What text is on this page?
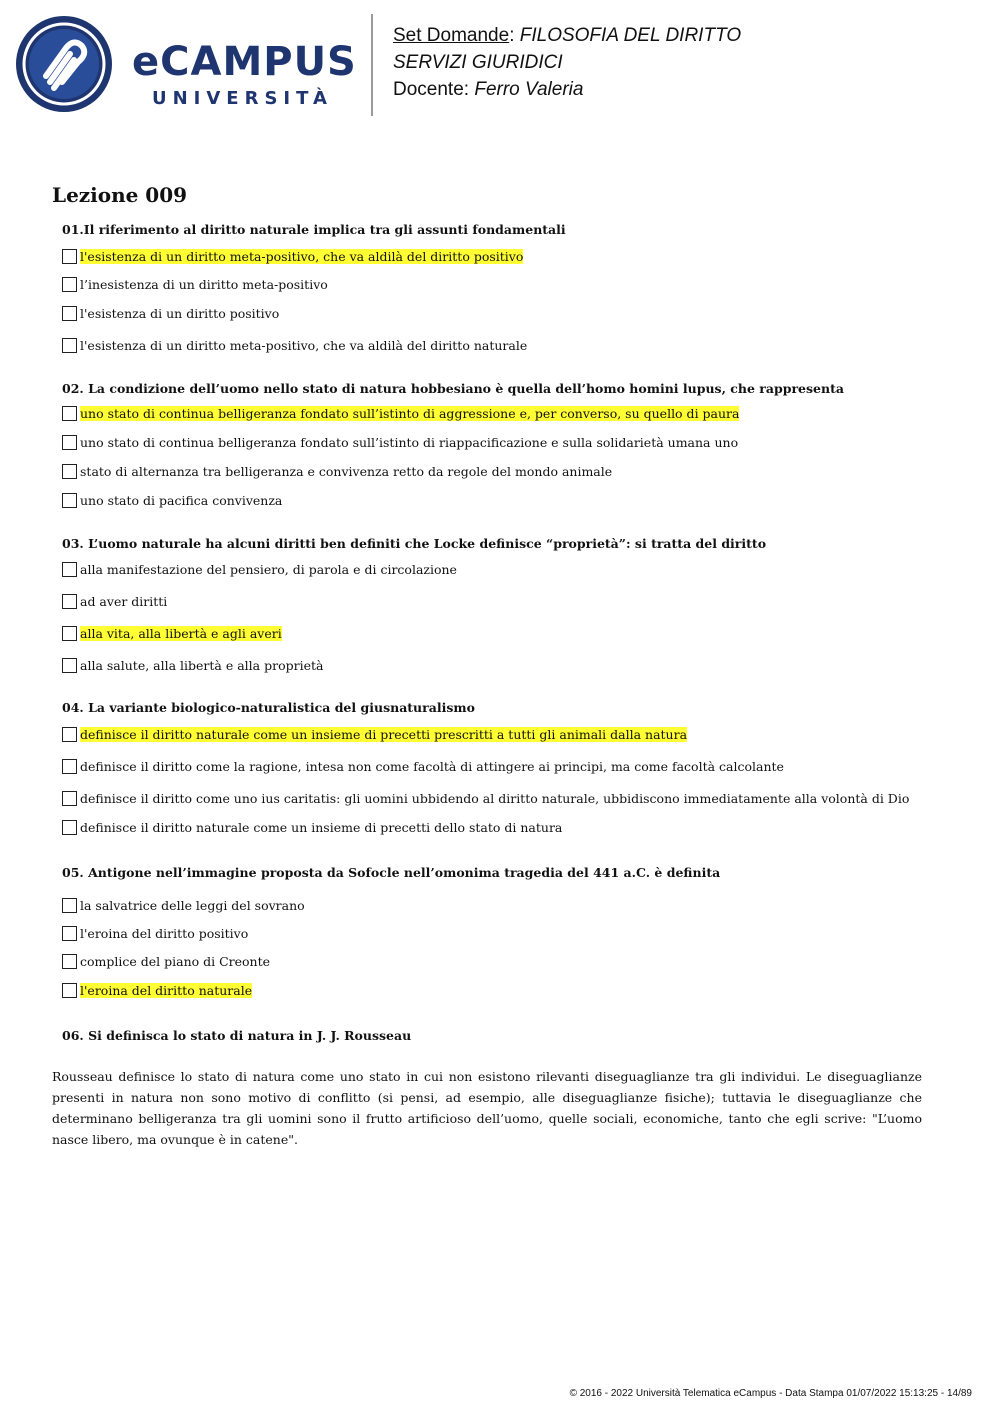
eCAMPUS
UNIVERSITÀ
Set Domande: FILOSOFIA DEL DIRITTO
SERVIZI GIURIDICI
Docente: Ferro Valeria
Lezione 009
01.Il riferimento al diritto naturale implica tra gli assunti fondamentali
l'esistenza di un diritto meta-positivo, che va aldilà del diritto positivo
l’inesistenza di un diritto meta-positivo
l'esistenza di un diritto positivo
l'esistenza di un diritto meta-positivo, che va aldilà del diritto naturale
02. La condizione dell’uomo nello stato di natura hobbesiano è quella dell’homo homini lupus, che rappresenta
uno stato di continua belligeranza fondato sull’istinto di aggressione e, per converso, su quello di paura
uno stato di continua belligeranza fondato sull’istinto di riappacificazione e sulla solidarietà umana uno
stato di alternanza tra belligeranza e convivenza retto da regole del mondo animale
uno stato di pacifica convivenza
03. L’uomo naturale ha alcuni diritti ben definiti che Locke definisce “proprietà”: si tratta del diritto
alla manifestazione del pensiero, di parola e di circolazione
ad aver diritti
alla vita, alla libertà e agli averi
alla salute, alla libertà e alla proprietà
04. La variante biologico-naturalistica del giusnaturalismo
definisce il diritto naturale come un insieme di precetti prescritti a tutti gli animali dalla natura
definisce il diritto come la ragione, intesa non come facoltà di attingere ai principi, ma come facoltà calcolante
definisce il diritto come uno ius caritatis: gli uomini ubbidendo al diritto naturale, ubbidiscono immediatamente alla volontà di Dio
definisce il diritto naturale come un insieme di precetti dello stato di natura
05. Antigone nell’immagine proposta da Sofocle nell’omonima tragedia del 441 a.C. è definita
la salvatrice delle leggi del sovrano
l'eroina del diritto positivo
complice del piano di Creonte
l'eroina del diritto naturale
06. Si definisca lo stato di natura in J. J. Rousseau

Rousseau definisce lo stato di natura come uno stato in cui non esistono rilevanti diseguaglianze tra gli individui. Le diseguaglianze presenti in natura non sono motivo di conflitto (si pensi, ad esempio, alle diseguaglianze fisiche); tuttavia le diseguaglianze che determinano belligeranza tra gli uomini sono il frutto artificioso dell’uomo, quelle sociali, economiche, tanto che egli scrive: "L’uomo nasce libero, ma ovunque è in catene".

© 2016 - 2022 Università Telematica eCampus - Data Stampa 01/07/2022 15:13:25 - 14/89
